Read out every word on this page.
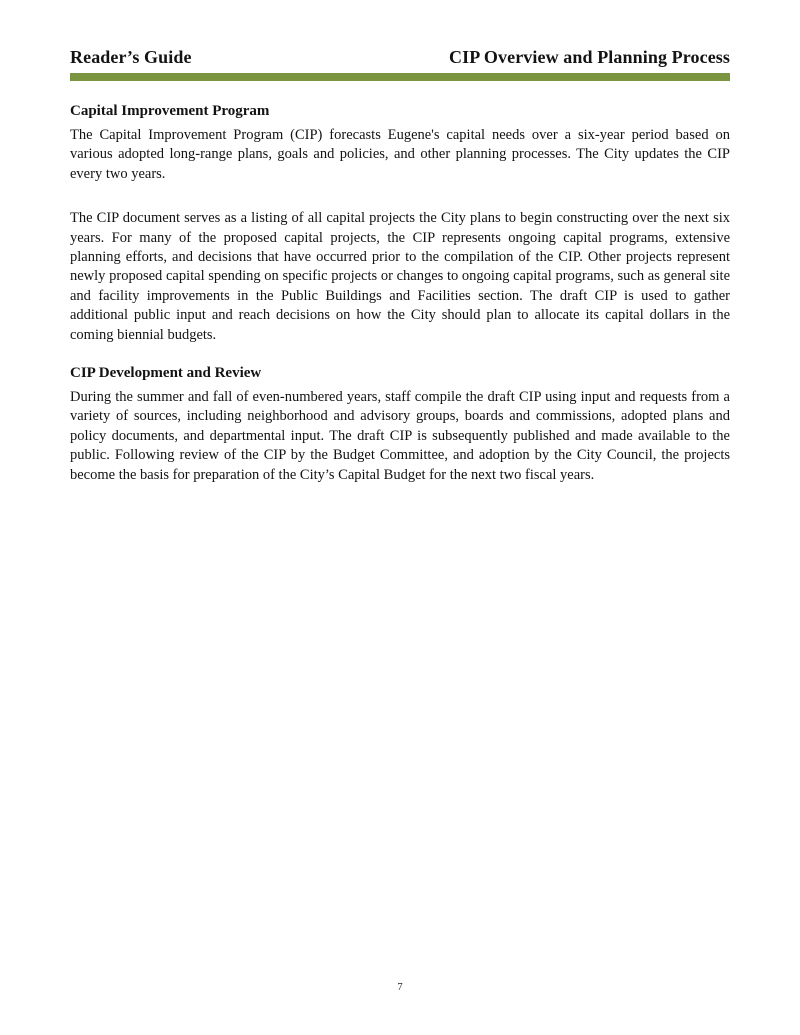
Reader’s Guide	CIP Overview and Planning Process
Capital Improvement Program

The Capital Improvement Program (CIP) forecasts Eugene's capital needs over a six-year period based on various adopted long-range plans, goals and policies, and other planning processes. The City updates the CIP every two years.

The CIP document serves as a listing of all capital projects the City plans to begin constructing over the next six years. For many of the proposed capital projects, the CIP represents ongoing capital programs, extensive planning efforts, and decisions that have occurred prior to the compilation of the CIP. Other projects represent newly proposed capital spending on specific projects or changes to ongoing capital programs, such as general site and facility improvements in the Public Buildings and Facilities section. The draft CIP is used to gather additional public input and reach decisions on how the City should plan to allocate its capital dollars in the coming biennial budgets.

CIP Development and Review

During the summer and fall of even-numbered years, staff compile the draft CIP using input and requests from a variety of sources, including neighborhood and advisory groups, boards and commissions, adopted plans and policy documents, and departmental input. The draft CIP is subsequently published and made available to the public. Following review of the CIP by the Budget Committee, and adoption by the City Council, the projects become the basis for preparation of the City’s Capital Budget for the next two fiscal years.

7
